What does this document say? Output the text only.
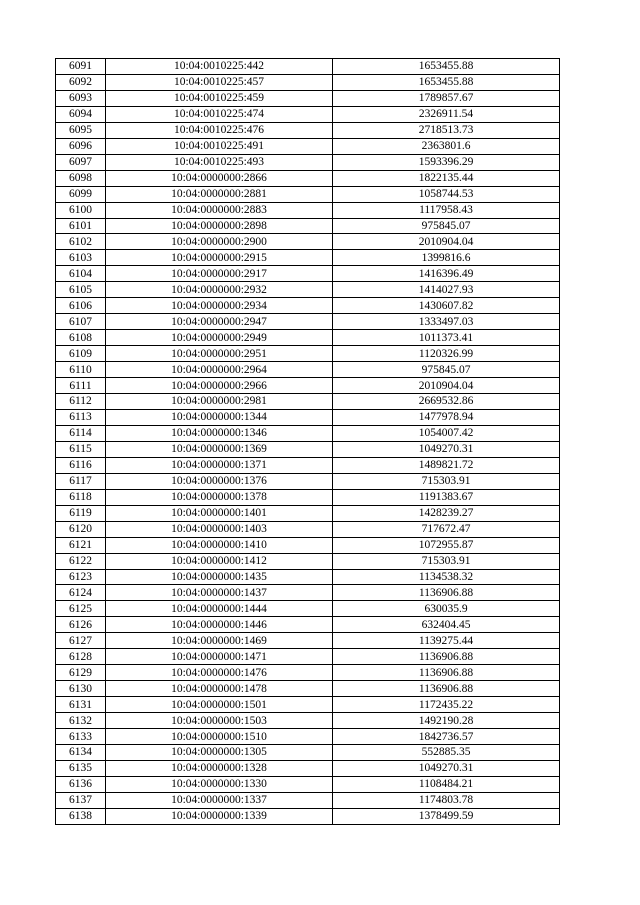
6091	10:04:0010225:442	1653455.88
6092	10:04:0010225:457	1653455.88
6093	10:04:0010225:459	1789857.67
6094	10:04:0010225:474	2326911.54
6095	10:04:0010225:476	2718513.73
6096	10:04:0010225:491	2363801.6
6097	10:04:0010225:493	1593396.29
6098	10:04:0000000:2866	1822135.44
6099	10:04:0000000:2881	1058744.53
6100	10:04:0000000:2883	1117958.43
6101	10:04:0000000:2898	975845.07
6102	10:04:0000000:2900	2010904.04
6103	10:04:0000000:2915	1399816.6
6104	10:04:0000000:2917	1416396.49
6105	10:04:0000000:2932	1414027.93
6106	10:04:0000000:2934	1430607.82
6107	10:04:0000000:2947	1333497.03
6108	10:04:0000000:2949	1011373.41
6109	10:04:0000000:2951	1120326.99
6110	10:04:0000000:2964	975845.07
6111	10:04:0000000:2966	2010904.04
6112	10:04:0000000:2981	2669532.86
6113	10:04:0000000:1344	1477978.94
6114	10:04:0000000:1346	1054007.42
6115	10:04:0000000:1369	1049270.31
6116	10:04:0000000:1371	1489821.72
6117	10:04:0000000:1376	715303.91
6118	10:04:0000000:1378	1191383.67
6119	10:04:0000000:1401	1428239.27
6120	10:04:0000000:1403	717672.47
6121	10:04:0000000:1410	1072955.87
6122	10:04:0000000:1412	715303.91
6123	10:04:0000000:1435	1134538.32
6124	10:04:0000000:1437	1136906.88
6125	10:04:0000000:1444	630035.9
6126	10:04:0000000:1446	632404.45
6127	10:04:0000000:1469	1139275.44
6128	10:04:0000000:1471	1136906.88
6129	10:04:0000000:1476	1136906.88
6130	10:04:0000000:1478	1136906.88
6131	10:04:0000000:1501	1172435.22
6132	10:04:0000000:1503	1492190.28
6133	10:04:0000000:1510	1842736.57
6134	10:04:0000000:1305	552885.35
6135	10:04:0000000:1328	1049270.31
6136	10:04:0000000:1330	1108484.21
6137	10:04:0000000:1337	1174803.78
6138	10:04:0000000:1339	1378499.59
